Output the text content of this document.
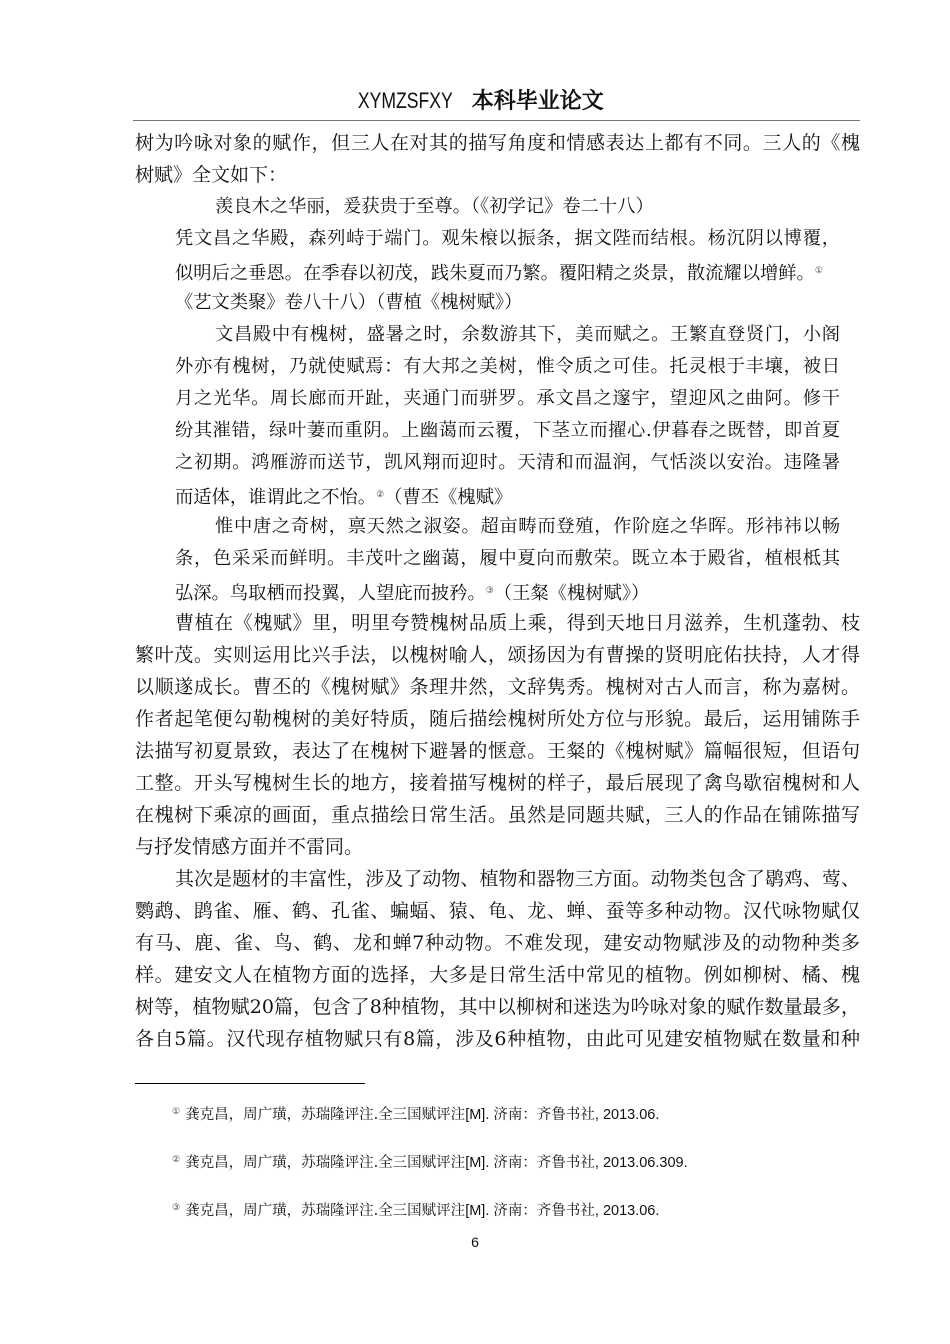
XYMZSFXY 本科毕业论文
树为吟咏对象的赋作，但三人在对其的描写角度和情感表达上都有不同。三人的《槐
树赋》全文如下：
羡良木之华丽，爰获贵于至尊。（《初学记》卷二十八）
凭文昌之华殿，森列峙于端门。观朱榱以振条，据文陛而结根。杨沉阴以博覆，
似明后之垂恩。在季春以初茂，践朱夏而乃繁。覆阳精之炎景，散流耀以增鲜。①
《艺文类聚》卷八十八）（曹植《槐树赋》）
文昌殿中有槐树，盛暑之时，余数游其下，美而赋之。王繁直登贤门，小阁
外亦有槐树，乃就使赋焉：有大邦之美树，惟令质之可佳。托灵根于丰壤，被日
月之光华。周长廊而开趾，夹通门而骈罗。承文昌之邃宇，望迎风之曲阿。修干
纷其漼错，绿叶萋而重阴。上幽蔼而云覆，下茎立而擢心.伊暮春之既替，即首夏
之初期。鸿雁游而送节，凯风翔而迎时。天清和而温润，气恬淡以安治。违隆暑
而适体，谁谓此之不怡。②（曹丕《槐赋》
惟中唐之奇树，禀天然之淑姿。超亩畴而登殖，作阶庭之华晖。形祎祎以畅
条，色采采而鲜明。丰茂叶之幽蔼，履中夏向而敷荣。既立本于殿省，植根柢其
弘深。鸟取栖而投翼，人望庇而披矜。③（王粲《槐树赋》）
曹植在《槐赋》里，明里夸赞槐树品质上乘，得到天地日月滋养，生机蓬勃、枝
繁叶茂。实则运用比兴手法，以槐树喻人，颂扬因为有曹操的贤明庇佑扶持，人才得
以顺遂成长。曹丕的《槐树赋》条理井然，文辞隽秀。槐树对古人而言，称为嘉树。
作者起笔便勾勒槐树的美好特质，随后描绘槐树所处方位与形貌。最后，运用铺陈手
法描写初夏景致，表达了在槐树下避暑的惬意。王粲的《槐树赋》篇幅很短，但语句
工整。开头写槐树生长的地方，接着描写槐树的样子，最后展现了禽鸟歇宿槐树和人
在槐树下乘凉的画面，重点描绘日常生活。虽然是同题共赋，三人的作品在铺陈描写
与抒发情感方面并不雷同。
其次是题材的丰富性，涉及了动物、植物和器物三方面。动物类包含了鹖鸡、莺、
鹦鹉、鹍雀、雁、鹤、孔雀、蝙蝠、猿、龟、龙、蝉、蚕等多种动物。汉代咏物赋仅
有马、鹿、雀、鸟、鹤、龙和蝉7种动物。不难发现，建安动物赋涉及的动物种类多
样。建安文人在植物方面的选择，大多是日常生活中常见的植物。例如柳树、橘、槐
树等，植物赋20篇，包含了8种植物，其中以柳树和迷迭为吟咏对象的赋作数量最多，
各自5篇。汉代现存植物赋只有8篇，涉及6种植物，由此可见建安植物赋在数量和种
① 龚克昌，周广璜，苏瑞隆评注.全三国赋评注[M]. 济南：齐鲁书社, 2013.06.
② 龚克昌，周广璜，苏瑞隆评注.全三国赋评注[M]. 济南：齐鲁书社, 2013.06.309.
③ 龚克昌，周广璜，苏瑞隆评注.全三国赋评注[M]. 济南：齐鲁书社, 2013.06.
6
